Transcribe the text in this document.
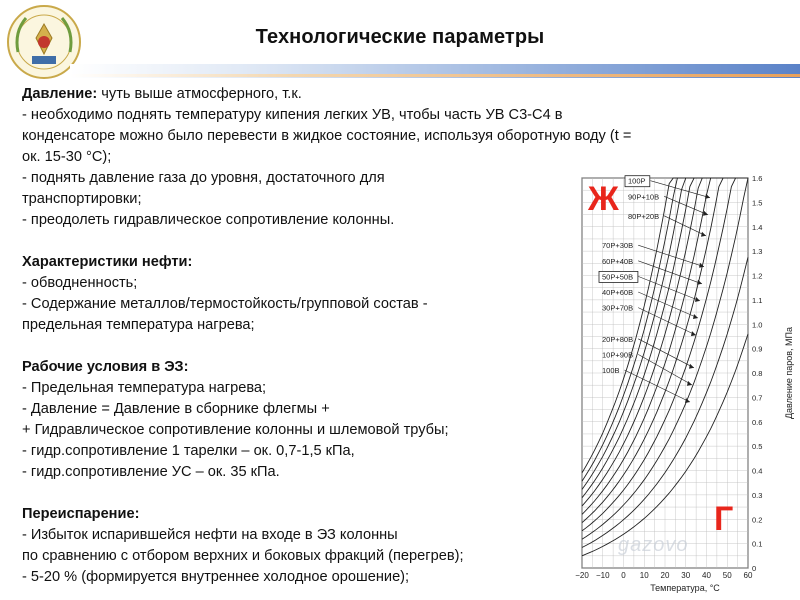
Технологические параметры
Давление: чуть выше атмосферного, т.к.
- необходимо поднять температуру кипения легких УВ, чтобы часть УВ С3-С4 в
конденсаторе можно было перевести в жидкое состояние, используя оборотную воду (t =
ок. 15-30 °С);
- поднять давление газа до уровня, достаточного для
транспортировки;
- преодолеть гидравлическое сопротивление колонны.
Характеристики нефти:
- обводненность;
- Содержание металлов/термостойкость/групповой состав -
предельная температура нагрева;
Рабочие условия в ЭЗ:
- Предельная температура нагрева;
- Давление = Давление в сборнике флегмы +
+ Гидравлическое сопротивление колонны и шлемовой трубы;
- гидр.сопротивление 1 тарелки – ок. 0,7-1,5 кПа,
- гидр.сопротивление УС – ок. 35 кПа.
Переиспарение:
- Избыток испарившейся нефти на входе в ЭЗ колонны
по сравнению с отбором верхних и боковых фракций (перегрев);
- 5-20 % (формируется внутреннее холодное орошение);
0
0.1
0.2
0.3
0.4
0.5
0.6
0.7
0.8
0.9
1.0
1.1
1.2
1.3
1.4
1.5
1.6
−20 −10 0 10 20 30 40 50 60
Температура, °С
Давление паров, МПа
100P
90P+10B
80P+20B
70P+30B
60P+40B
50P+50B
40P+60B
30P+70B
20P+80B
10P+90B
100B
Ж
Г
gazovo
